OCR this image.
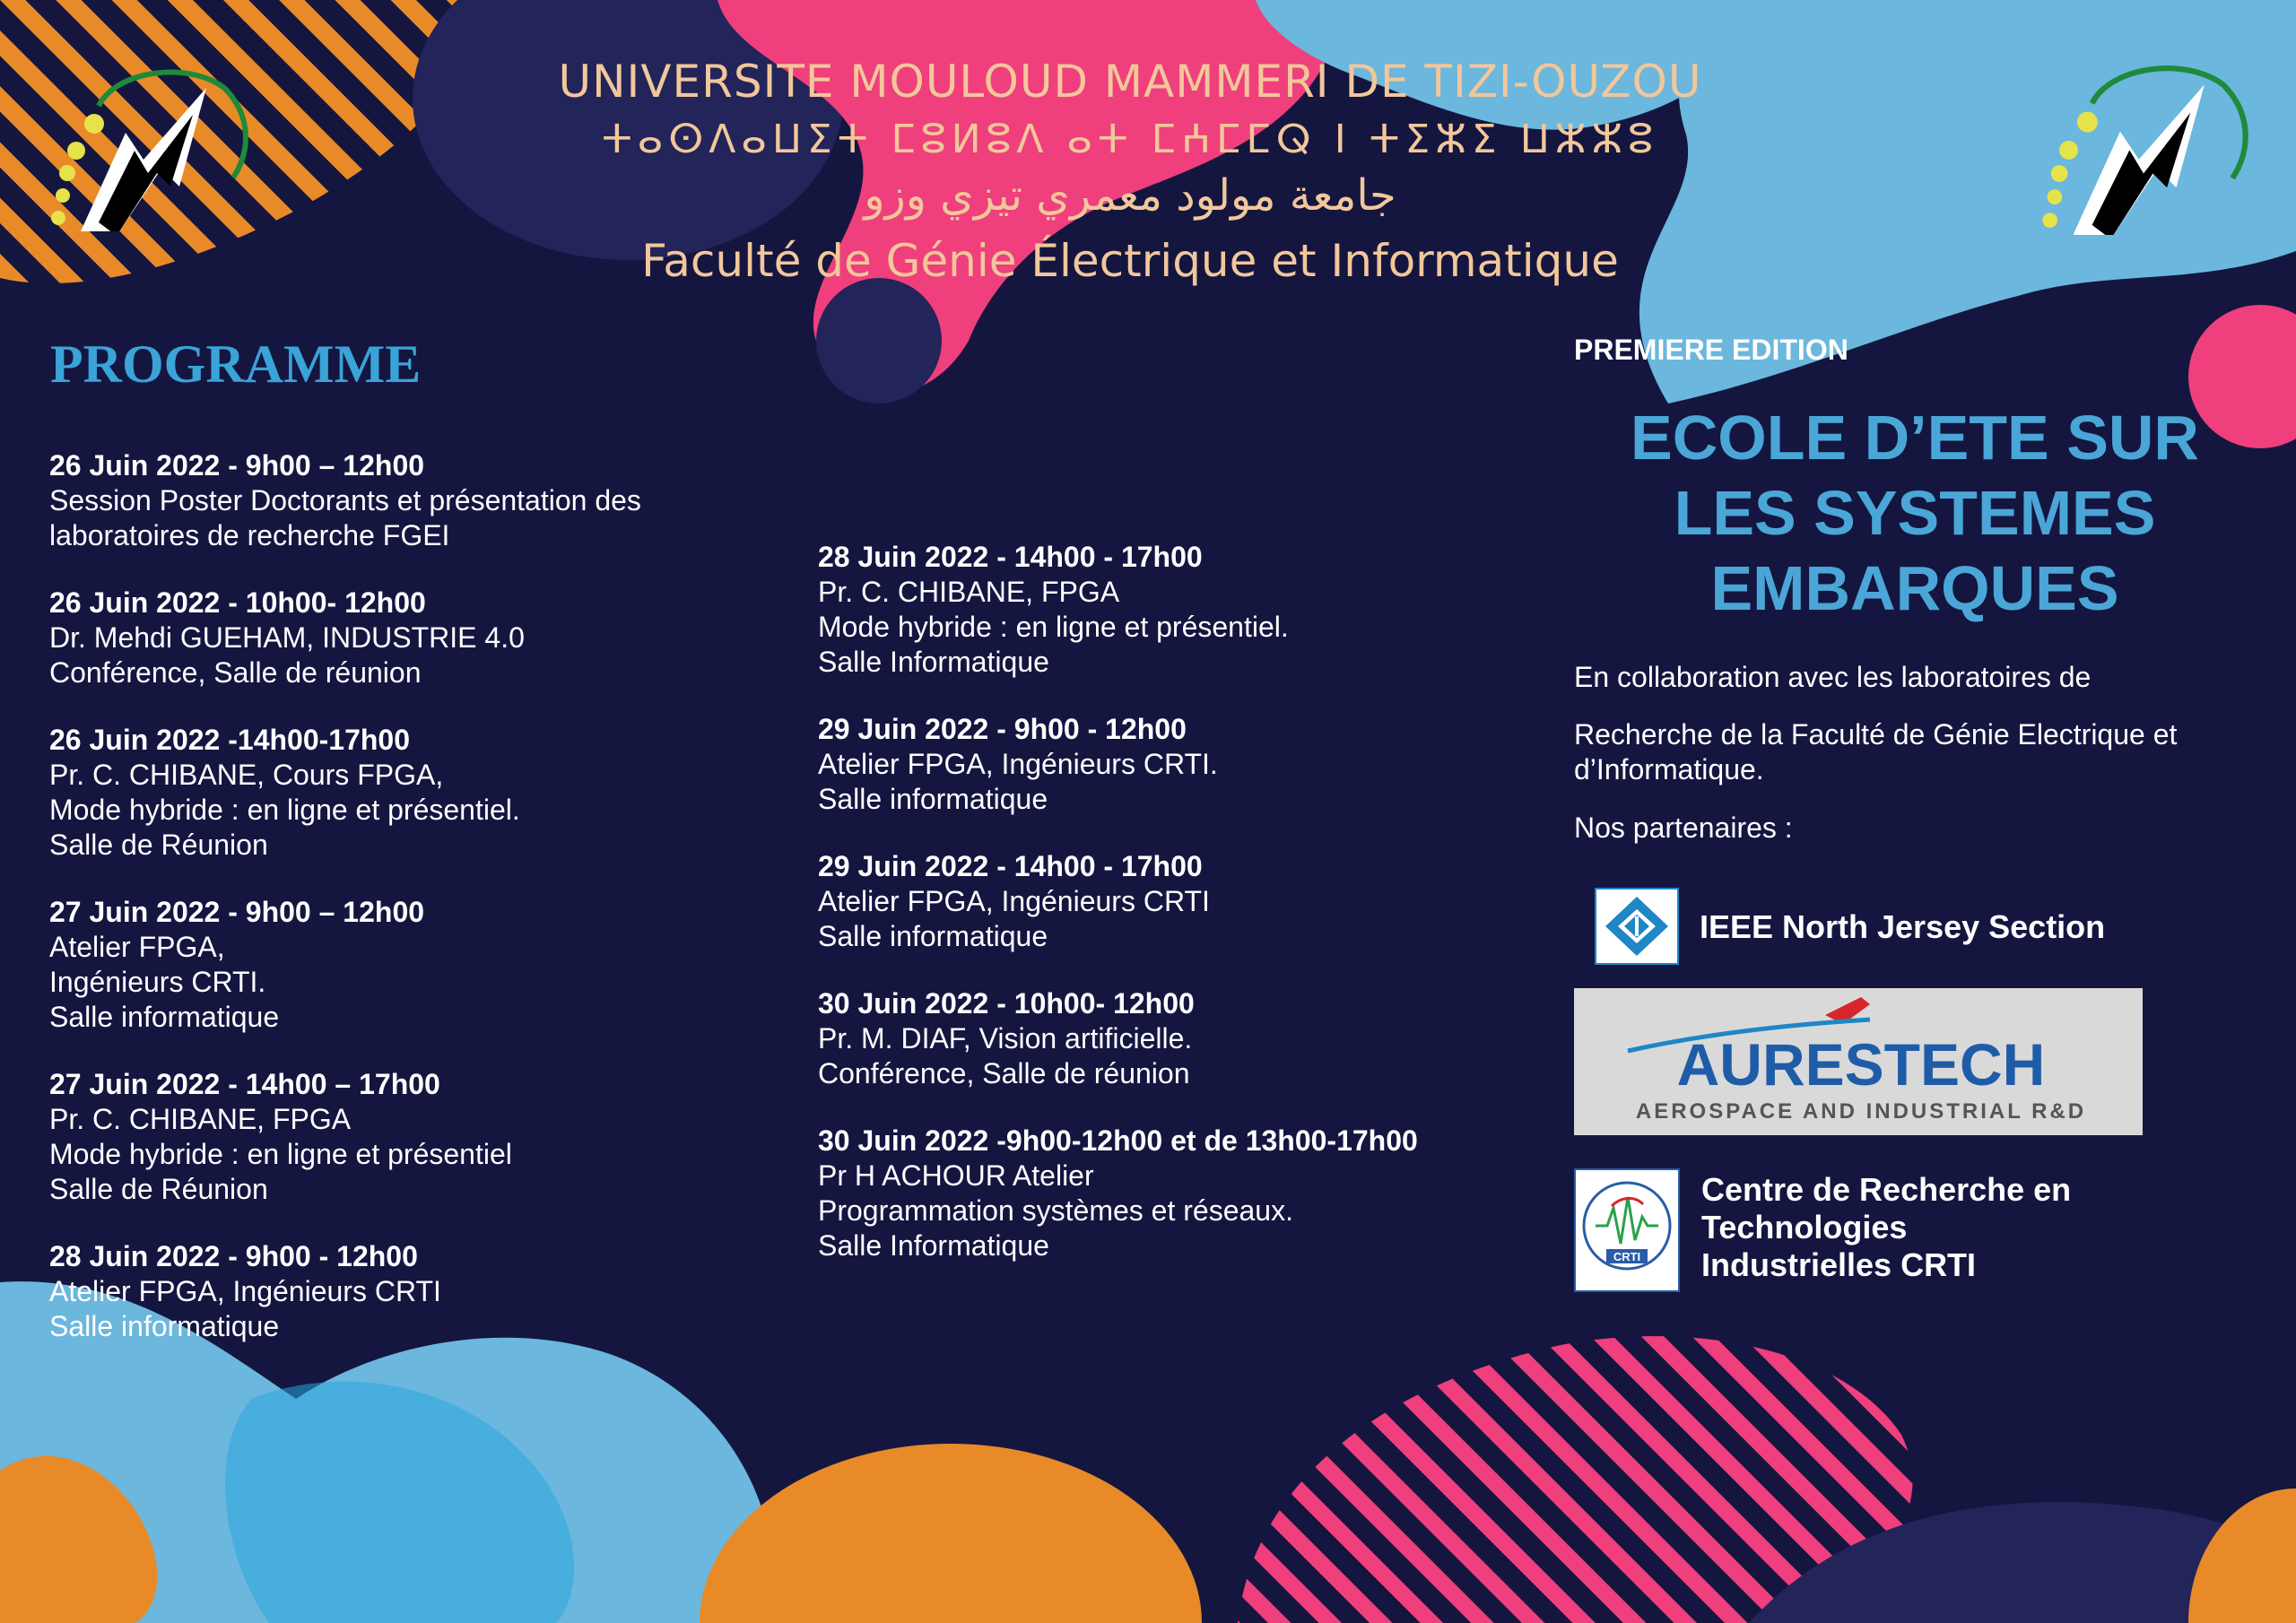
UNIVERSITE MOULOUD MAMMERI DE TIZI-OUZOU
ⵜⴰⵙⴷⴰⵡⵉⵜ ⵎⵓⵍⵓⴷ ⴰⵜ ⵎⵄⵎⵎⵕ ⵏ ⵜⵉⵣⵉ ⵡⵣⵣⵓ
جامعة مولود معمري تيزي وزو
Faculté de Génie Électrique et Informatique
PROGRAMME
26 Juin 2022 - 9h00 – 12h00
Session Poster Doctorants et présentation des
laboratoires de recherche FGEI
26 Juin 2022 - 10h00- 12h00
Dr. Mehdi GUEHAM, INDUSTRIE 4.0
Conférence, Salle de réunion
26 Juin 2022 -14h00-17h00
Pr. C. CHIBANE, Cours FPGA,
Mode hybride : en ligne et présentiel.
Salle de Réunion
27 Juin 2022 - 9h00 – 12h00
Atelier FPGA,
Ingénieurs CRTI.
Salle informatique
27 Juin 2022 - 14h00 – 17h00
Pr. C. CHIBANE, FPGA
Mode hybride : en ligne et présentiel
Salle de Réunion
28 Juin 2022 - 9h00 - 12h00
Atelier FPGA, Ingénieurs CRTI
Salle informatique
28 Juin 2022 - 14h00 - 17h00
Pr. C. CHIBANE, FPGA
Mode hybride : en ligne et présentiel.
Salle Informatique
29 Juin 2022 - 9h00 - 12h00
Atelier FPGA, Ingénieurs CRTI.
Salle informatique
29 Juin 2022 - 14h00 - 17h00
Atelier FPGA, Ingénieurs CRTI
Salle informatique
30 Juin 2022 - 10h00- 12h00
Pr. M. DIAF, Vision artificielle.
Conférence, Salle de réunion
30 Juin 2022 -9h00-12h00 et de 13h00-17h00
Pr H ACHOUR Atelier
Programmation systèmes et réseaux.
Salle Informatique
PREMIERE EDITION
ECOLE D’ETE SUR
LES SYSTEMES
EMBARQUES
En collaboration avec les laboratoires de
Recherche de la Faculté de Génie Electrique et d’Informatique.
Nos partenaires :
IEEE North Jersey Section
AURESTECH
AEROSPACE AND INDUSTRIAL R&D
CRTI
Centre de Recherche en
Technologies
Industrielles CRTI
